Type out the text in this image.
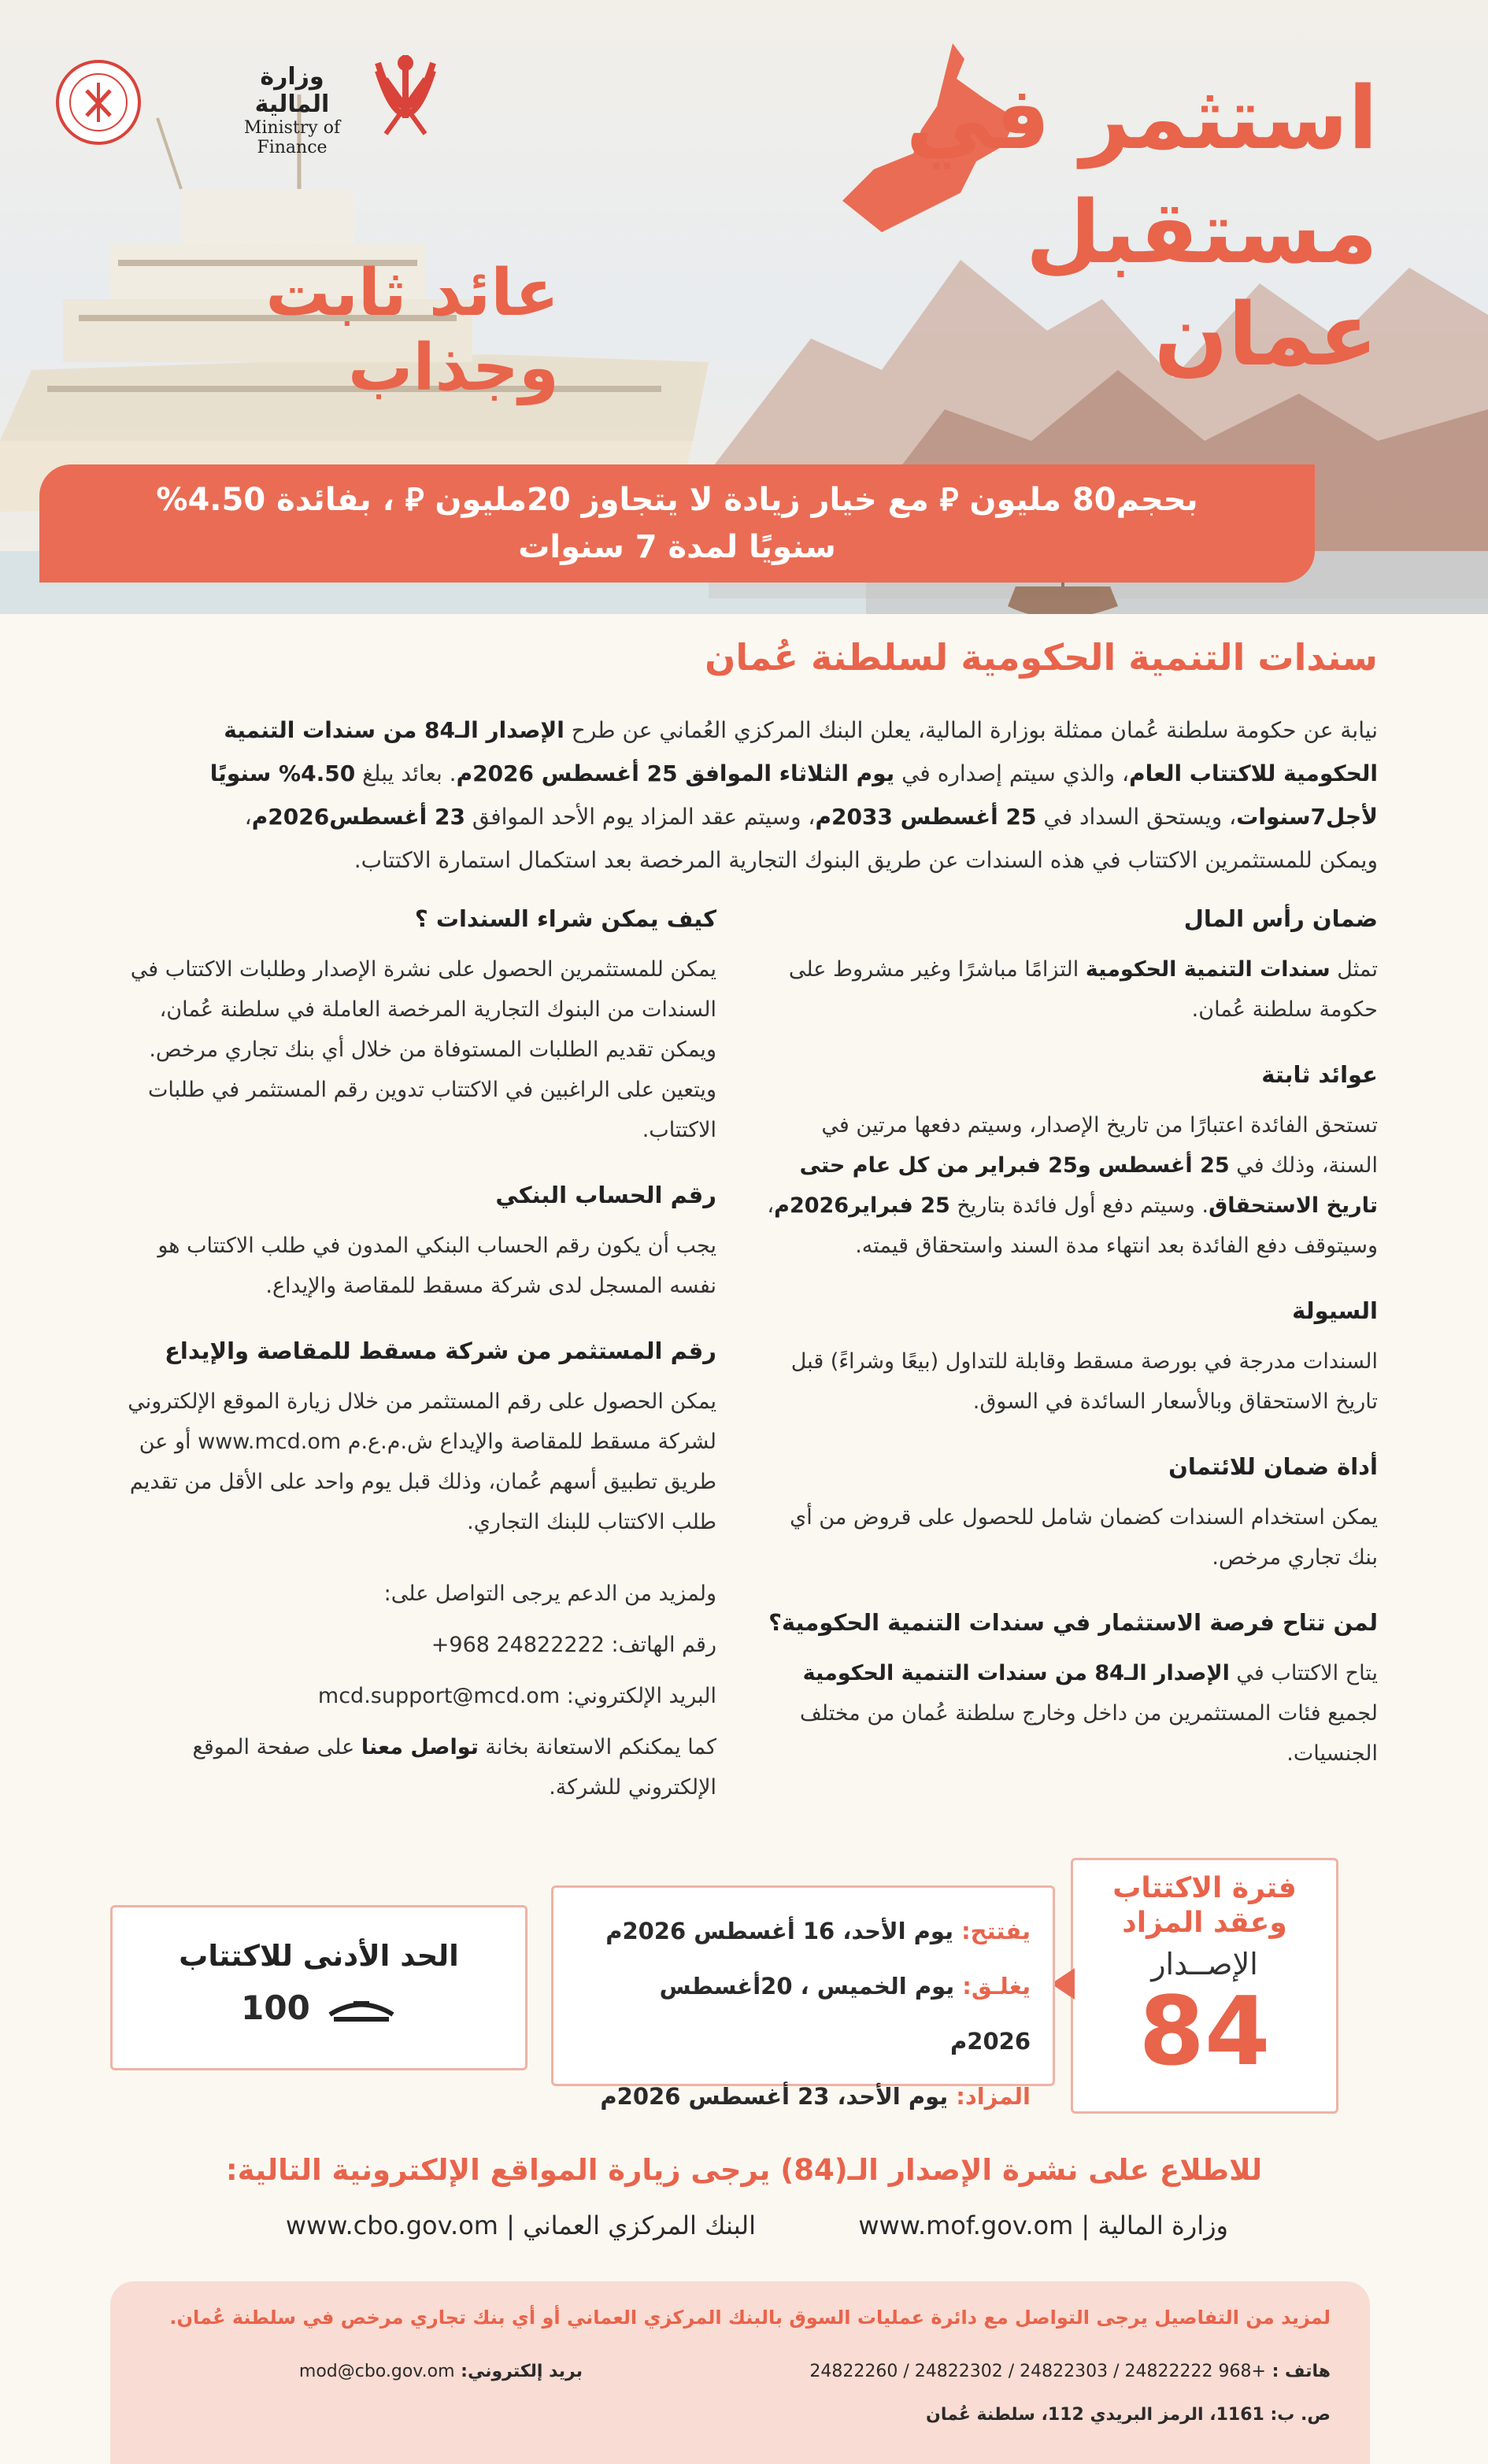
وزارة المالية
Ministry of Finance	استثمر في
مستقبل عمان
عائد ثابت وجذاب
بحجم80 مليون ⃁ مع خيار زيادة لا يتجاوز 20مليون ⃁ ، بفائدة 4.50%
سنويًا لمدة 7 سنوات
سندات التنمية الحكومية لسلطنة عُمان
نيابة عن حكومة سلطنة عُمان ممثلة بوزارة المالية، يعلن البنك المركزي العُماني عن طرح الإصدار الـ84 من سندات التنمية
الحكومية للاكتتاب العام، والذي سيتم إصداره في يوم الثلاثاء الموافق 25 أغسطس 2026م. بعائد يبلغ 4.50% سنويًا
لأجل7سنوات، ويستحق السداد في 25 أغسطس 2033م، وسيتم عقد المزاد يوم الأحد الموافق 23 أغسطس2026م،
ويمكن للمستثمرين الاكتتاب في هذه السندات عن طريق البنوك التجارية المرخصة بعد استكمال استمارة الاكتتاب.
ضمان رأس المال
تمثل سندات التنمية الحكومية التزامًا مباشرًا وغير مشروط على حكومة سلطنة عُمان.
عوائد ثابتة
تستحق الفائدة اعتبارًا من تاريخ الإصدار، وسيتم دفعها مرتين في السنة، وذلك في 25 أغسطس و25 فبراير من كل عام حتى تاريخ الاستحقاق. وسيتم دفع أول فائدة بتاريخ 25 فبراير2026م، وسيتوقف دفع الفائدة بعد انتهاء مدة السند واستحقاق قيمته.
السيولة
السندات مدرجة في بورصة مسقط وقابلة للتداول (بيعًا وشراءً) قبل تاريخ الاستحقاق وبالأسعار السائدة في السوق.
أداة ضمان للائتمان
يمكن استخدام السندات كضمان شامل للحصول على قروض من أي بنك تجاري مرخص.
لمن تتاح فرصة الاستثمار في سندات التنمية الحكومية؟
يتاح الاكتتاب في الإصدار الـ84 من سندات التنمية الحكومية لجميع فئات المستثمرين من داخل وخارج سلطنة عُمان من مختلف الجنسيات.
كيف يمكن شراء السندات ؟
يمكن للمستثمرين الحصول على نشرة الإصدار وطلبات الاكتتاب في السندات من البنوك التجارية المرخصة العاملة في سلطنة عُمان، ويمكن تقديم الطلبات المستوفاة من خلال أي بنك تجاري مرخص. ويتعين على الراغبين في الاكتتاب تدوين رقم المستثمر في طلبات الاكتتاب.
رقم الحساب البنكي
يجب أن يكون رقم الحساب البنكي المدون في طلب الاكتتاب هو نفسه المسجل لدى شركة مسقط للمقاصة والإيداع.
رقم المستثمر من شركة مسقط للمقاصة والإيداع
يمكن الحصول على رقم المستثمر من خلال زيارة الموقع الإلكتروني لشركة مسقط للمقاصة والإيداع ش.م.ع.م www.mcd.om أو عن طريق تطبيق أسهم عُمان، وذلك قبل يوم واحد على الأقل من تقديم طلب الاكتتاب للبنك التجاري.
ولمزيد من الدعم يرجى التواصل على:
رقم الهاتف: +968 24822222
البريد الإلكتروني: mcd.support@mcd.om
كما يمكنكم الاستعانة بخانة تواصل معنا على صفحة الموقع الإلكتروني للشركة.
فترة الاكتتاب
وعقد المزاد
الإصــدار
84
يفتتح: يوم الأحد، 16 أغسطس 2026م
يغلـق: يوم الخميس ، 20أغسطس 2026م
المزاد: يوم الأحد، 23 أغسطس 2026م
الحد الأدنى للاكتتاب
100
للاطلاع على نشرة الإصدار الـ(84) يرجى زيارة المواقع الإلكترونية التالية:
وزارة المالية | www.mof.gov.om
البنك المركزي العماني | www.cbo.gov.om
لمزيد من التفاصيل يرجى التواصل مع دائرة عمليات السوق بالبنك المركزي العماني أو أي بنك تجاري مرخص في سلطنة عُمان.
هاتف : 24822260 / 24822302 / 24822303 / 24822222 968+
بريد إلكتروني: mod@cbo.gov.om
ص. ب: 1161، الرمز البريدي 112، سلطنة عُمان
